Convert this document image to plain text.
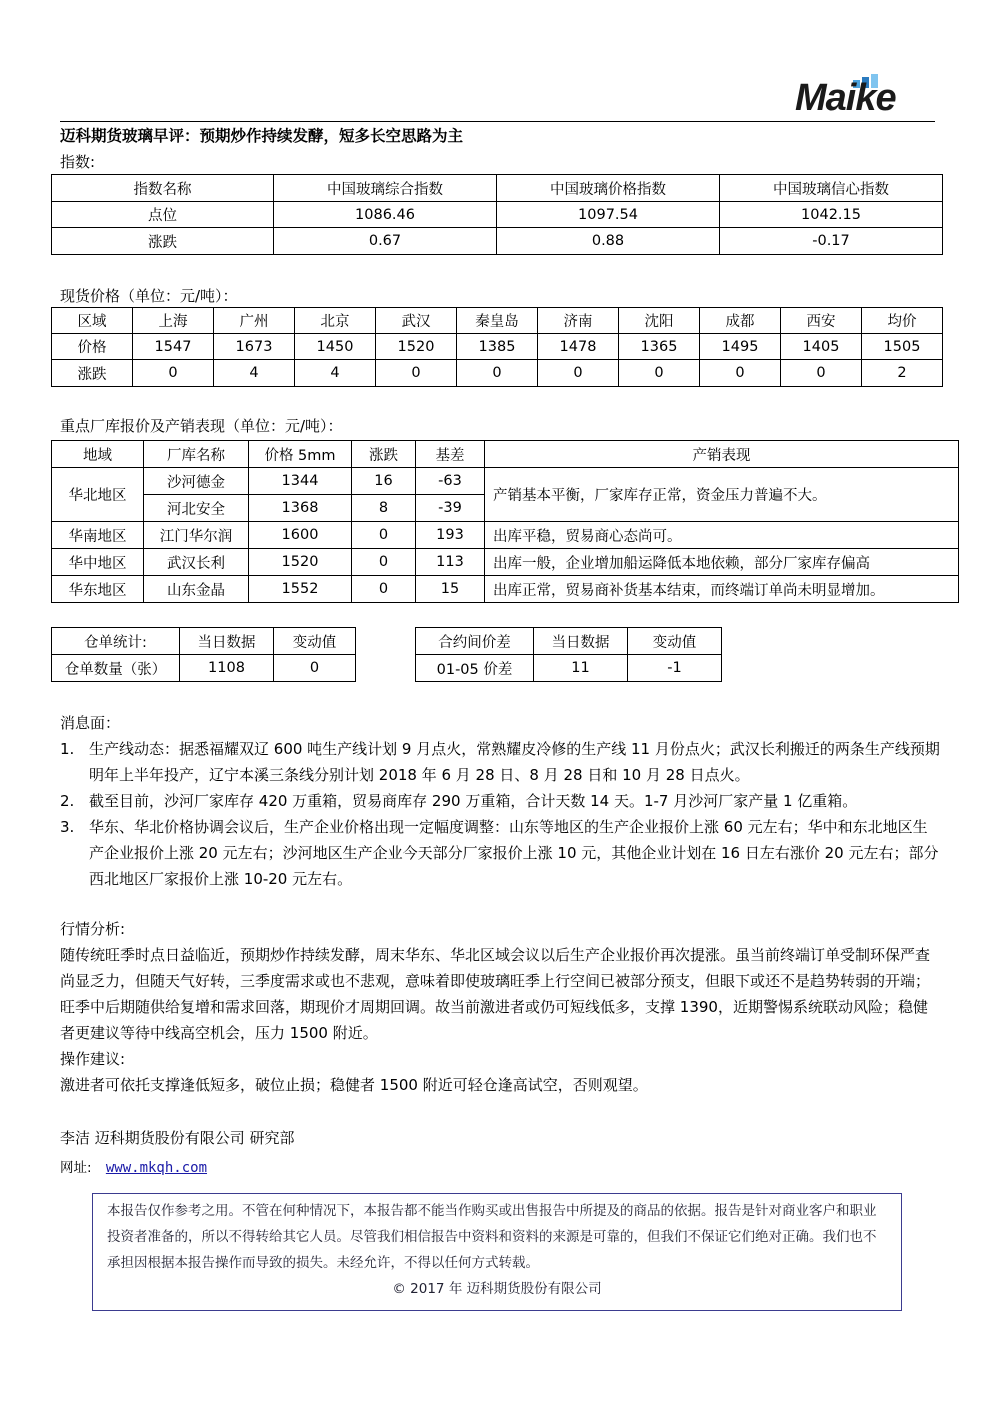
Maike
迈科期货玻璃早评：预期炒作持续发酵，短多长空思路为主
指数:
指数名称	中国玻璃综合指数	中国玻璃价格指数	中国玻璃信心指数
点位	1086.46	1097.54	1042.15
涨跌	0.67	0.88	-0.17
现货价格（单位：元/吨）：
区域	上海	广州	北京	武汉	秦皇岛	济南	沈阳	成都	西安	均价
价格	1547	1673	1450	1520	1385	1478	1365	1495	1405	1505
涨跌	0	4	4	0	0	0	0	0	0	2
重点厂库报价及产销表现（单位：元/吨）：
地域	厂库名称	价格 5mm	涨跌	基差	产销表现
华北地区	沙河德金	1344	16	-63	产销基本平衡，厂家库存正常，资金压力普遍不大。
	河北安全	1368	8	-39	
华南地区	江门华尔润	1600	0	193	出库平稳，贸易商心态尚可。
华中地区	武汉长利	1520	0	113	出库一般，企业增加船运降低本地依赖，部分厂家库存偏高
华东地区	山东金晶	1552	0	15	出库正常，贸易商补货基本结束，而终端订单尚未明显增加。
仓单统计:	当日数据	变动值
仓单数量（张）	1108	0
合约间价差	当日数据	变动值
01-05 价差	11	-1
消息面：
1. 生产线动态：据悉福耀双辽 600 吨生产线计划 9 月点火，常熟耀皮冷修的生产线 11 月份点火；武汉长利搬迁的两条生产线预期明年上半年投产，辽宁本溪三条线分别计划 2018 年 6 月 28 日、8 月 28 日和 10 月 28 日点火。
2. 截至目前，沙河厂家库存 420 万重箱，贸易商库存 290 万重箱，合计天数 14 天。1-7 月沙河厂家产量 1 亿重箱。
3. 华东、华北价格协调会议后，生产企业价格出现一定幅度调整：山东等地区的生产企业报价上涨 60 元左右；华中和东北地区生产企业报价上涨 20 元左右；沙河地区生产企业今天部分厂家报价上涨 10 元，其他企业计划在 16 日左右涨价 20 元左右；部分西北地区厂家报价上涨 10-20 元左右。
行情分析:
随传统旺季时点日益临近，预期炒作持续发酵，周末华东、华北区域会议以后生产企业报价再次提涨。虽当前终端订单受制环保严查尚显乏力，但随天气好转，三季度需求或也不悲观，意味着即使玻璃旺季上行空间已被部分预支，但眼下或还不是趋势转弱的开端；旺季中后期随供给复增和需求回落，期现价才周期回调。故当前激进者或仍可短线低多，支撑 1390，近期警惕系统联动风险；稳健者更建议等待中线高空机会，压力 1500 附近。
操作建议:
激进者可依托支撑逢低短多，破位止损；稳健者 1500 附近可轻仓逢高试空，否则观望。
李洁 迈科期货股份有限公司 研究部
网址: www.mkqh.com
本报告仅作参考之用。不管在何种情况下，本报告都不能当作购买或出售报告中所提及的商品的依据。报告是针对商业客户和职业投资者准备的，所以不得转给其它人员。尽管我们相信报告中资料和资料的来源是可靠的，但我们不保证它们绝对正确。我们也不承担因根据本报告操作而导致的损失。未经允许，不得以任何方式转载。
© 2017 年 迈科期货股份有限公司
